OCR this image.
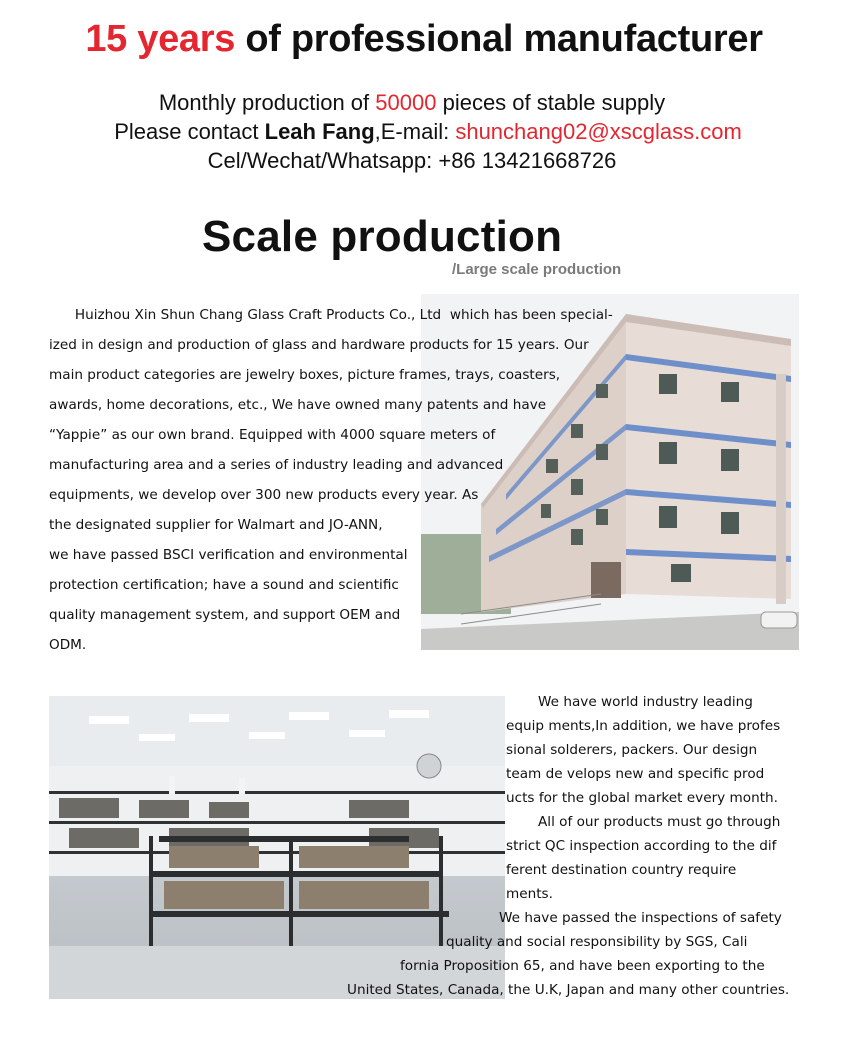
15 years of professional manufacturer
Monthly production of 50000 pieces of stable supply
Please contact Leah Fang,E-mail: shunchang02@xscglass.com
Cel/Wechat/Whatsapp: +86 13421668726
Scale production
/Large scale production
Huizhou Xin Shun Chang Glass Craft Products Co., Ltd  which has been special-
ized in design and production of glass and hardware products for 15 years. Our
main product categories are jewelry boxes, picture frames, trays, coasters,
awards, home decorations, etc., We have owned many patents and have
“Yappie” as our own brand. Equipped with 4000 square meters of
manufacturing area and a series of industry leading and advanced
equipments, we develop over 300 new products every year. As
the designated supplier for Walmart and JO-ANN,
we have passed BSCI verification and environmental
protection certification; have a sound and scientific
quality management system, and support OEM and
ODM.
We have world industry leading
equip ments,In addition, we have profes
sional solderers, packers. Our design
team de velops new and specific prod
ucts for the global market every month.
All of our products must go through
strict QC inspection according to the dif
ferent destination country require
ments.
We have passed the inspections of safety
quality and social responsibility by SGS, Cali
fornia Proposition 65, and have been exporting to the
United States, Canada, the U.K, Japan and many other countries.
